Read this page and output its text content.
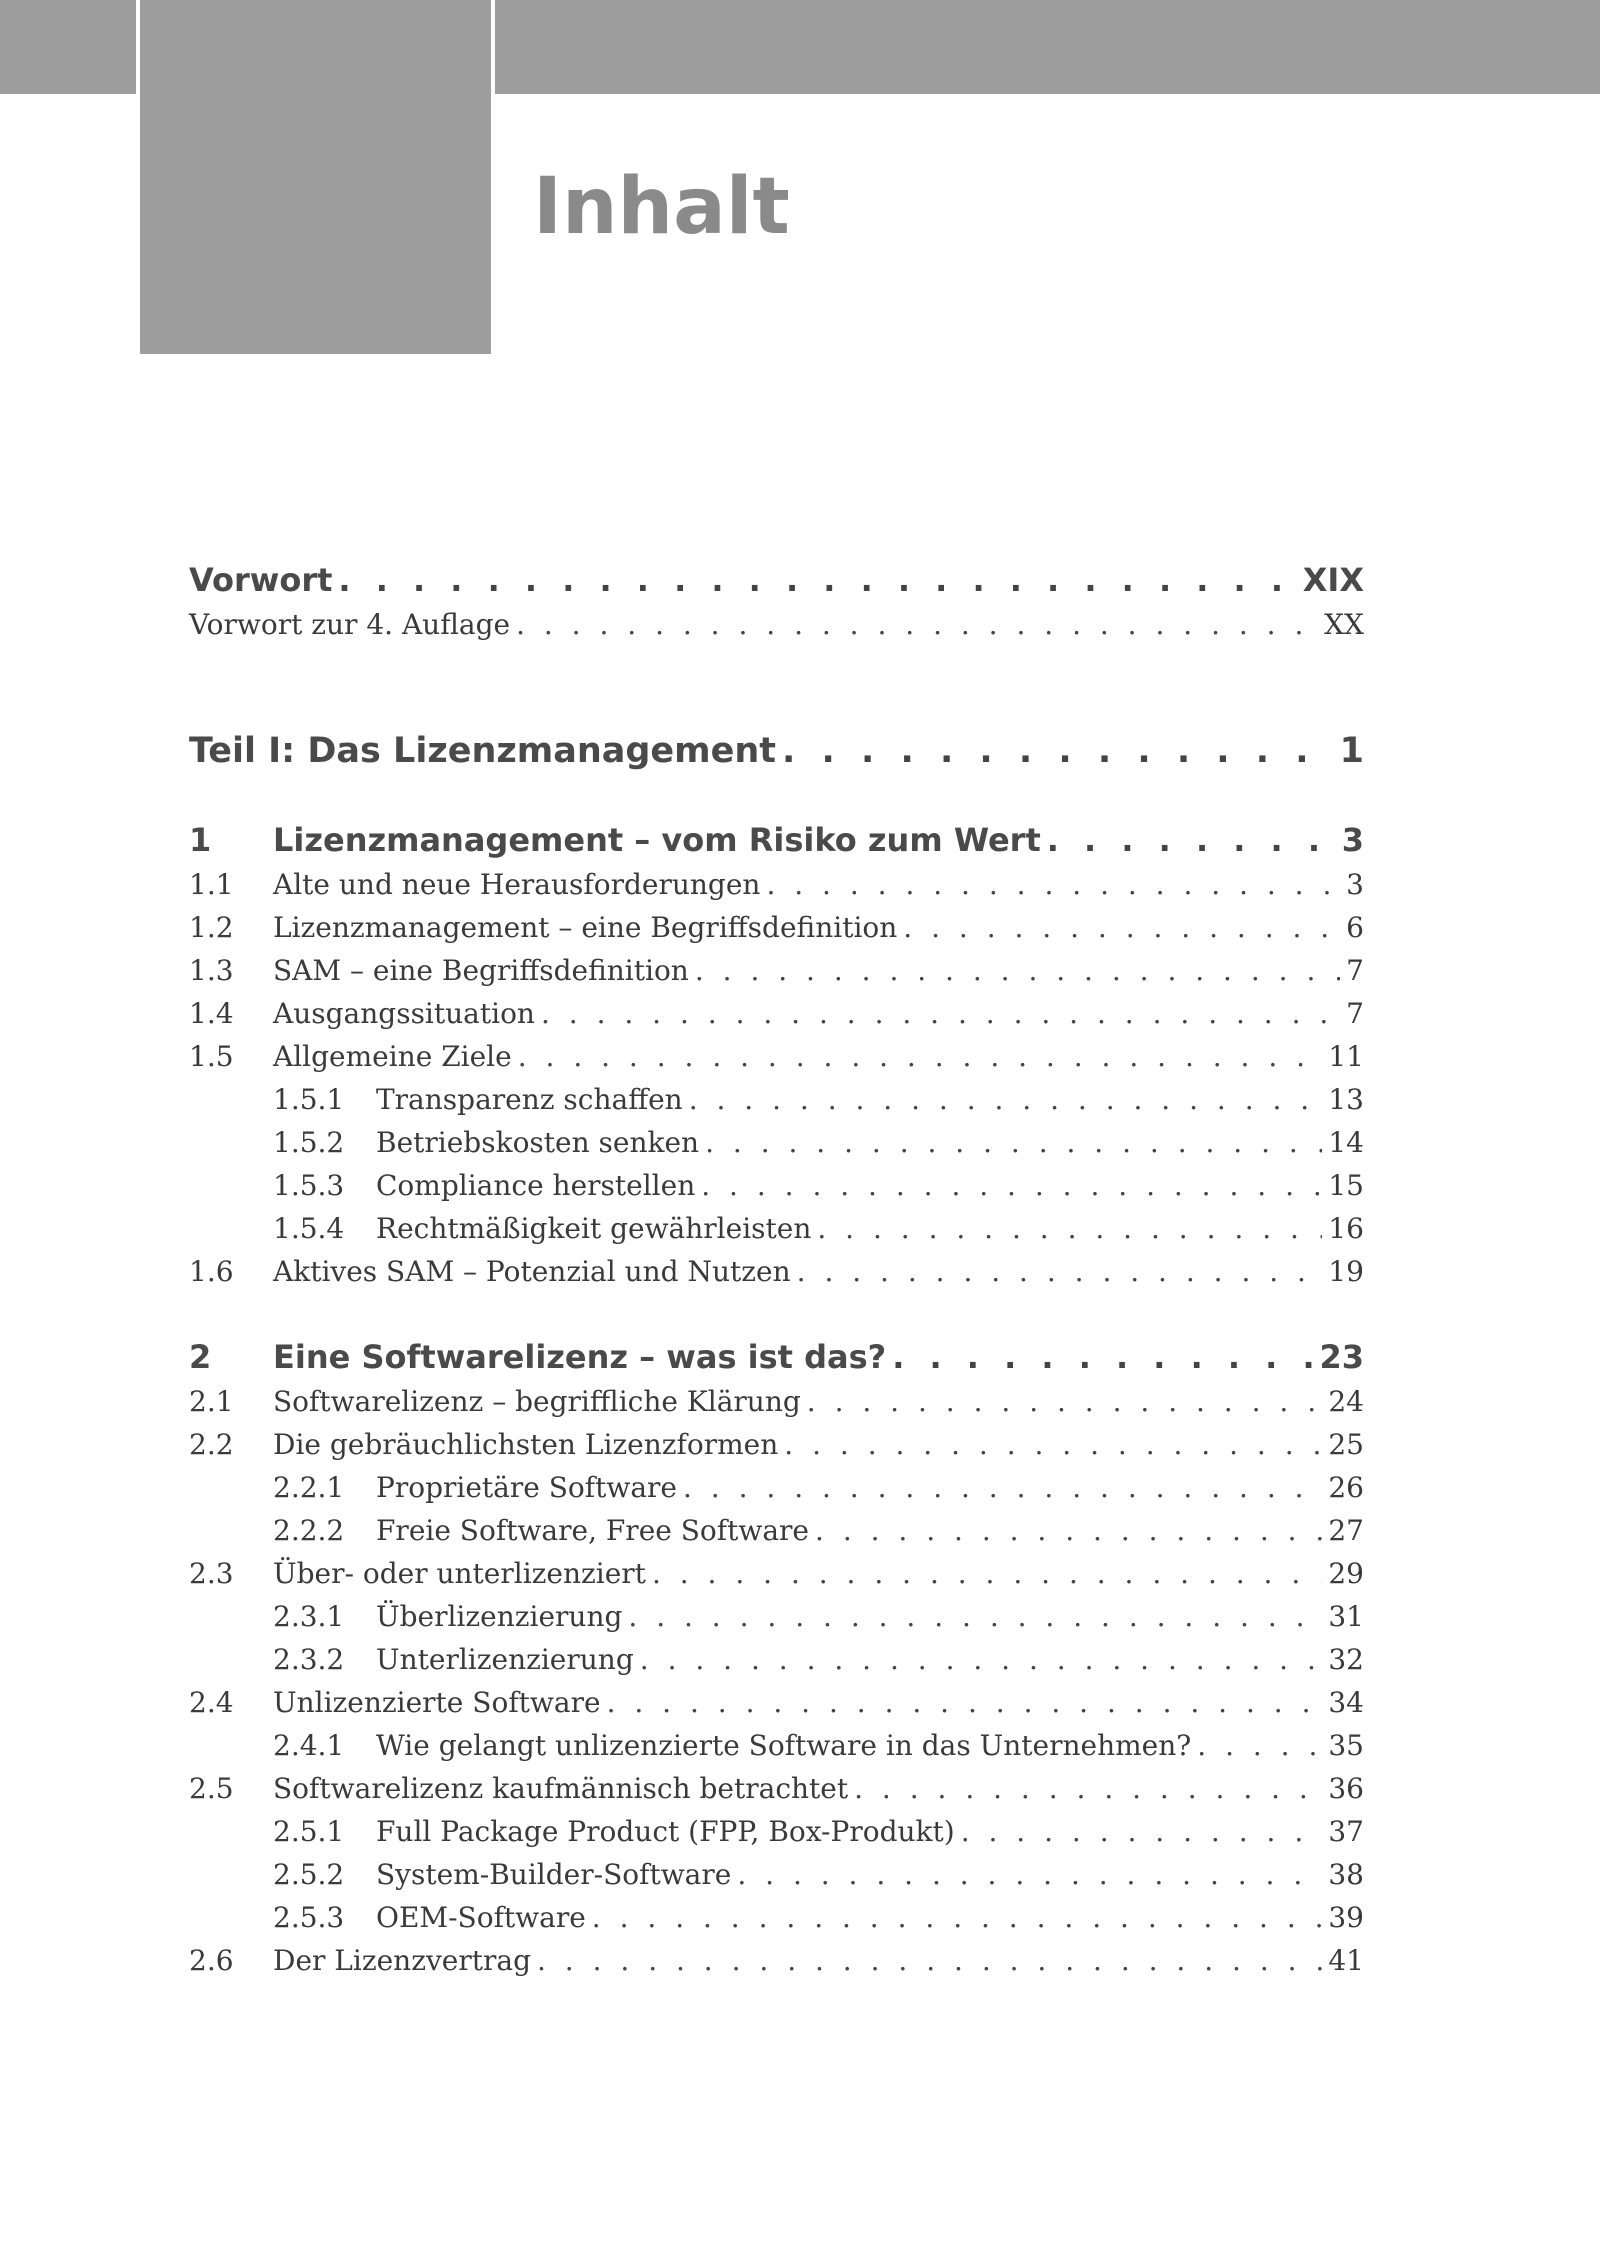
Inhalt
Vorwort . . .	XIX
Vorwort zur 4. Auflage . . .	XX
Teil I: Das Lizenzmanagement . . .	1
1	Lizenzmanagement – vom Risiko zum Wert . . .	3
1.1	Alte und neue Herausforderungen . . .	3
1.2	Lizenzmanagement – eine Begriffsdefinition . . .	6
1.3	SAM – eine Begriffsdefinition . . .	7
1.4	Ausgangssituation . . .	7
1.5	Allgemeine Ziele . . .	11
1.5.1	Transparenz schaffen . . .	13
1.5.2	Betriebskosten senken . . .	14
1.5.3	Compliance herstellen . . .	15
1.5.4	Rechtmäßigkeit gewährleisten . . .	16
1.6	Aktives SAM – Potenzial und Nutzen . . .	19
2	Eine Softwarelizenz – was ist das? . . .	23
2.1	Softwarelizenz – begriffliche Klärung . . .	24
2.2	Die gebräuchlichsten Lizenzformen . . .	25
2.2.1	Proprietäre Software . . .	26
2.2.2	Freie Software, Free Software . . .	27
2.3	Über- oder unterlizenziert . . .	29
2.3.1	Überlizenzierung . . .	31
2.3.2	Unterlizenzierung . . .	32
2.4	Unlizenzierte Software . . .	34
2.4.1	Wie gelangt unlizenzierte Software in das Unternehmen? . . .	35
2.5	Softwarelizenz kaufmännisch betrachtet . . .	36
2.5.1	Full Package Product (FPP, Box-Produkt) . . .	37
2.5.2	System-Builder-Software . . .	38
2.5.3	OEM-Software . . .	39
2.6	Der Lizenzvertrag . . .	41
